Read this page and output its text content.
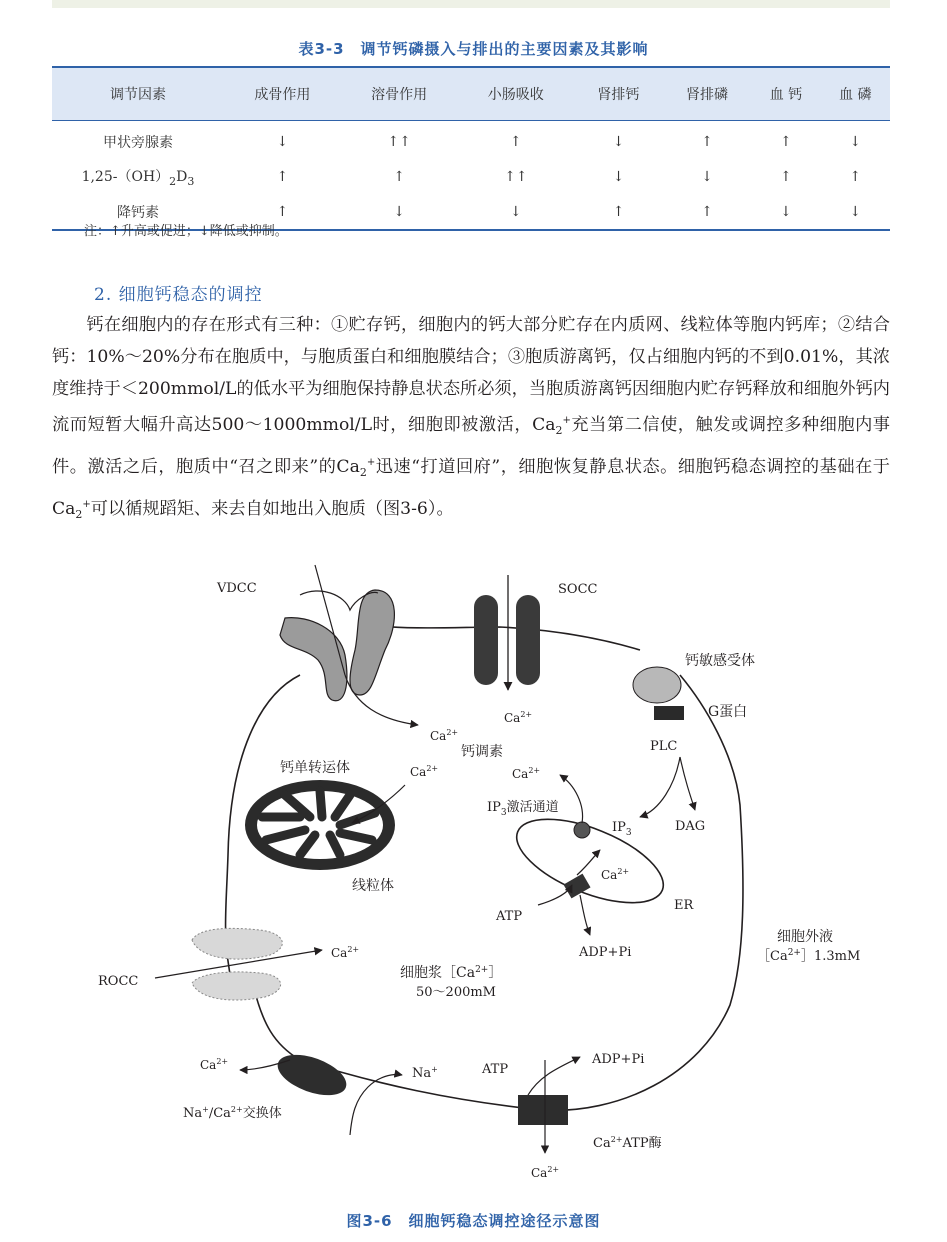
表3-3　调节钙磷摄入与排出的主要因素及其影响
调节因素	成骨作用	溶骨作用	小肠吸收	肾排钙	肾排磷	血 钙	血 磷
甲状旁腺素	↓	↑↑	↑	↓	↑	↑	↓
$1,25-(OH)_2D_3$	↑	↑	↑↑	↓	↓	↑	↑
降钙素	↑	↓	↓	↑	↑	↓	↓
注：↑升高或促进；↓降低或抑制。
2. 细胞钙稳态的调控

钙在细胞内的存在形式有三种：①贮存钙，细胞内的钙大部分贮存在内质网、线粒体等胞内钙库；②结合钙：10%～20%分布在胞质中，与胞质蛋白和细胞膜结合；③胞质游离钙，仅占细胞内钙的不到0.01%，其浓度维持于＜200mmol/L的低水平为细胞保持静息状态所必须，当胞质游离钙因细胞内贮存钙释放和细胞外钙内流而短暂大幅升高达500～1000mmol/L时，细胞即被激活，$Ca_2^+$充当第二信使，触发或调控多种细胞内事件。激活之后，胞质中“召之即来”的$Ca_2^+$迅速“打道回府”，细胞恢复静息状态。细胞钙稳态调控的基础在于$Ca_2^+$可以循规蹈矩、来去自如地出入胞质（图3-6）。

VDCC	SOCC
$Ca^{2+}$
钙敏感受体
G蛋白
PLC
DAG
$IP_3$
ER
$IP_3$激活通道
$Ca^{2+}$
$Ca^{2+}$
ATP
ADP+Pi
$Ca^{2+}$
钙调素
钙单转运体	$Ca^{2+}$
线粒体
细胞浆$[Ca^{2+}]$
50～200mM
细胞外液
$[Ca^{2+}]1.3mM$
ROCC
$Ca^{2+}$
$Ca^{2+}$
Na+
$Na^+/Ca^{2+}$交换体
ATP
ADP+Pi
$Ca^{2+}ATP$酶
$Ca^{2+}$
图3-6　细胞钙稳态调控途径示意图
